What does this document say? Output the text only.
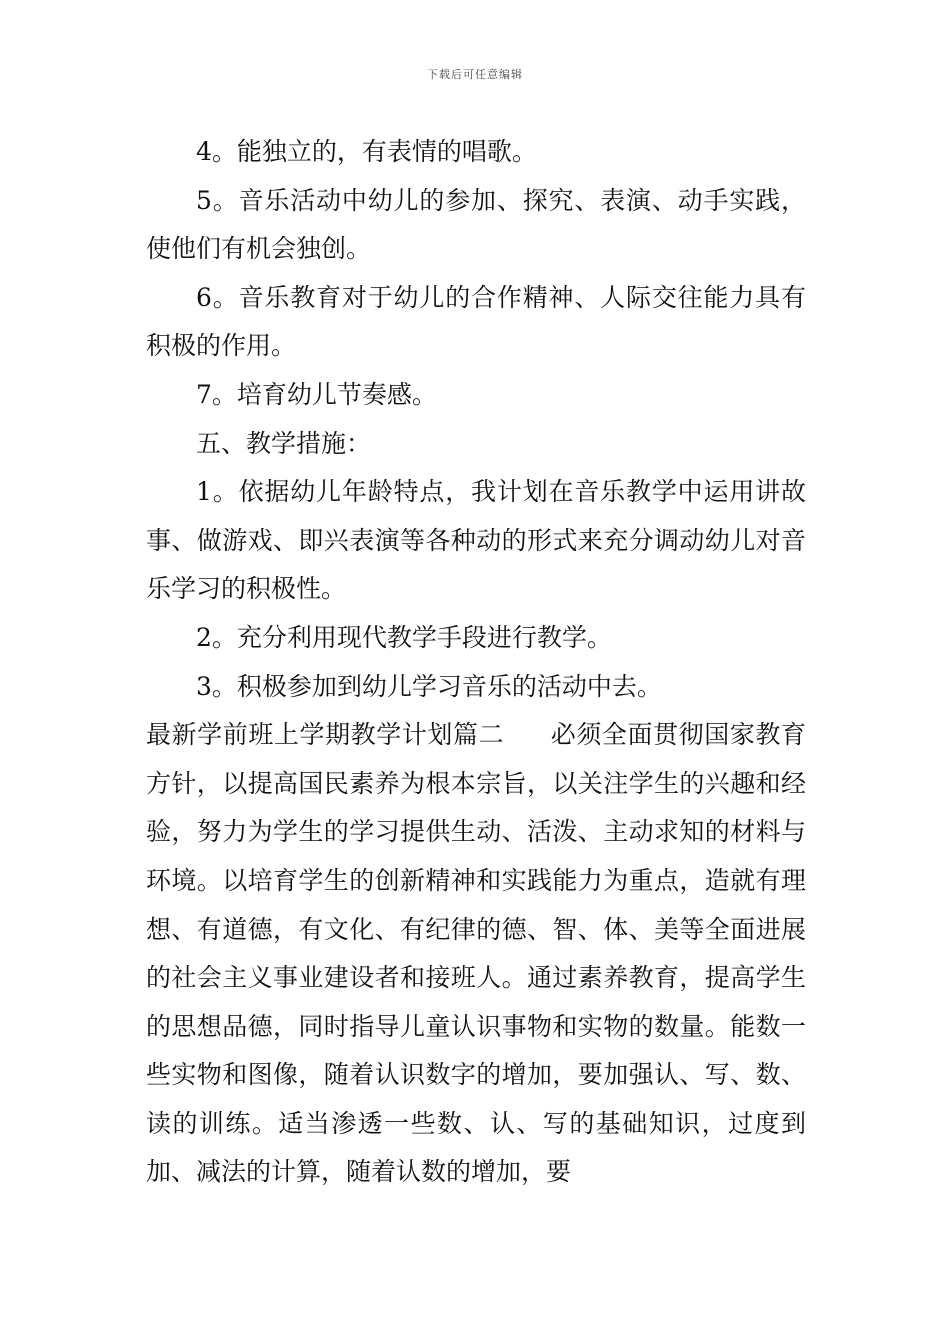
下载后可任意编辑

4。能独立的，有表情的唱歌。

5。音乐活动中幼儿的参加、探究、表演、动手实践，使他们有机会独创。

6。音乐教育对于幼儿的合作精神、人际交往能力具有积极的作用。

7。培育幼儿节奏感。

五、教学措施：

1。依据幼儿年龄特点，我计划在音乐教学中运用讲故事、做游戏、即兴表演等各种动的形式来充分调动幼儿对音乐学习的积极性。

2。充分利用现代教学手段进行教学。

3。积极参加到幼儿学习音乐的活动中去。

最新学前班上学期教学计划篇二 必须全面贯彻国家教育方针，以提高国民素养为根本宗旨，以关注学生的兴趣和经验，努力为学生的学习提供生动、活泼、主动求知的材料与环境。以培育学生的创新精神和实践能力为重点，造就有理想、有道德，有文化、有纪律的德、智、体、美等全面进展的社会主义事业建设者和接班人。通过素养教育，提高学生的思想品德，同时指导儿童认识事物和实物的数量。能数一些实物和图像，随着认识数字的增加，要加强认、写、数、读的训练。适当渗透一些数、认、写的基础知识，过度到加、减法的计算，随着认数的增加，要
